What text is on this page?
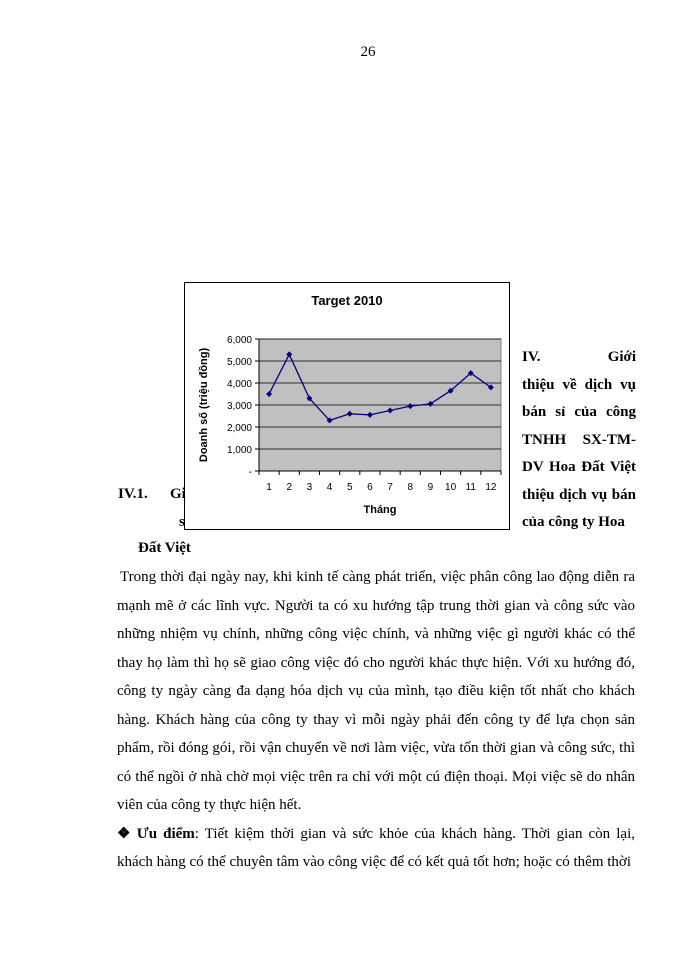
26
Target 2010
-
1,000
2,000
3,000
4,000
5,000
6,000
1 2 3 4 5 6 7 8 9 10 11 12
Tháng
Doanh số (triệu đồng)	IV. Giới
thiệu về dịch vụ
bán sỉ của công
TNHH SX-TM-
DV Hoa Đất Việt
thiệu dịch vụ bán
của công ty Hoa
IV.1. Gi
s
Đất Việt

Trong thời đại ngày nay, khi kinh tế càng phát triển, việc phân công lao động diễn ra mạnh mẽ ở các lĩnh vực. Người ta có xu hướng tập trung thời gian và công sức vào những nhiệm vụ chính, những công việc chính, và những việc gì người khác có thể thay họ làm thì họ sẽ giao công việc đó cho người khác thực hiện. Với xu hướng đó, công ty ngày càng đa dạng hóa dịch vụ của mình, tạo điều kiện tốt nhất cho khách hàng. Khách hàng của công ty thay vì mỗi ngày phải đến công ty để lựa chọn sản phẩm, rồi đóng gói, rồi vận chuyển về nơi làm việc, vừa tốn thời gian và công sức, thì có thể ngồi ở nhà chờ mọi việc trên ra chỉ với một cú điện thoại. Mọi việc sẽ do nhân viên của công ty thực hiện hết.

❖ Ưu điểm: Tiết kiệm thời gian và sức khỏe của khách hàng. Thời gian còn lại, khách hàng có thể chuyên tâm vào công việc để có kết quả tốt hơn; hoặc có thêm thời
